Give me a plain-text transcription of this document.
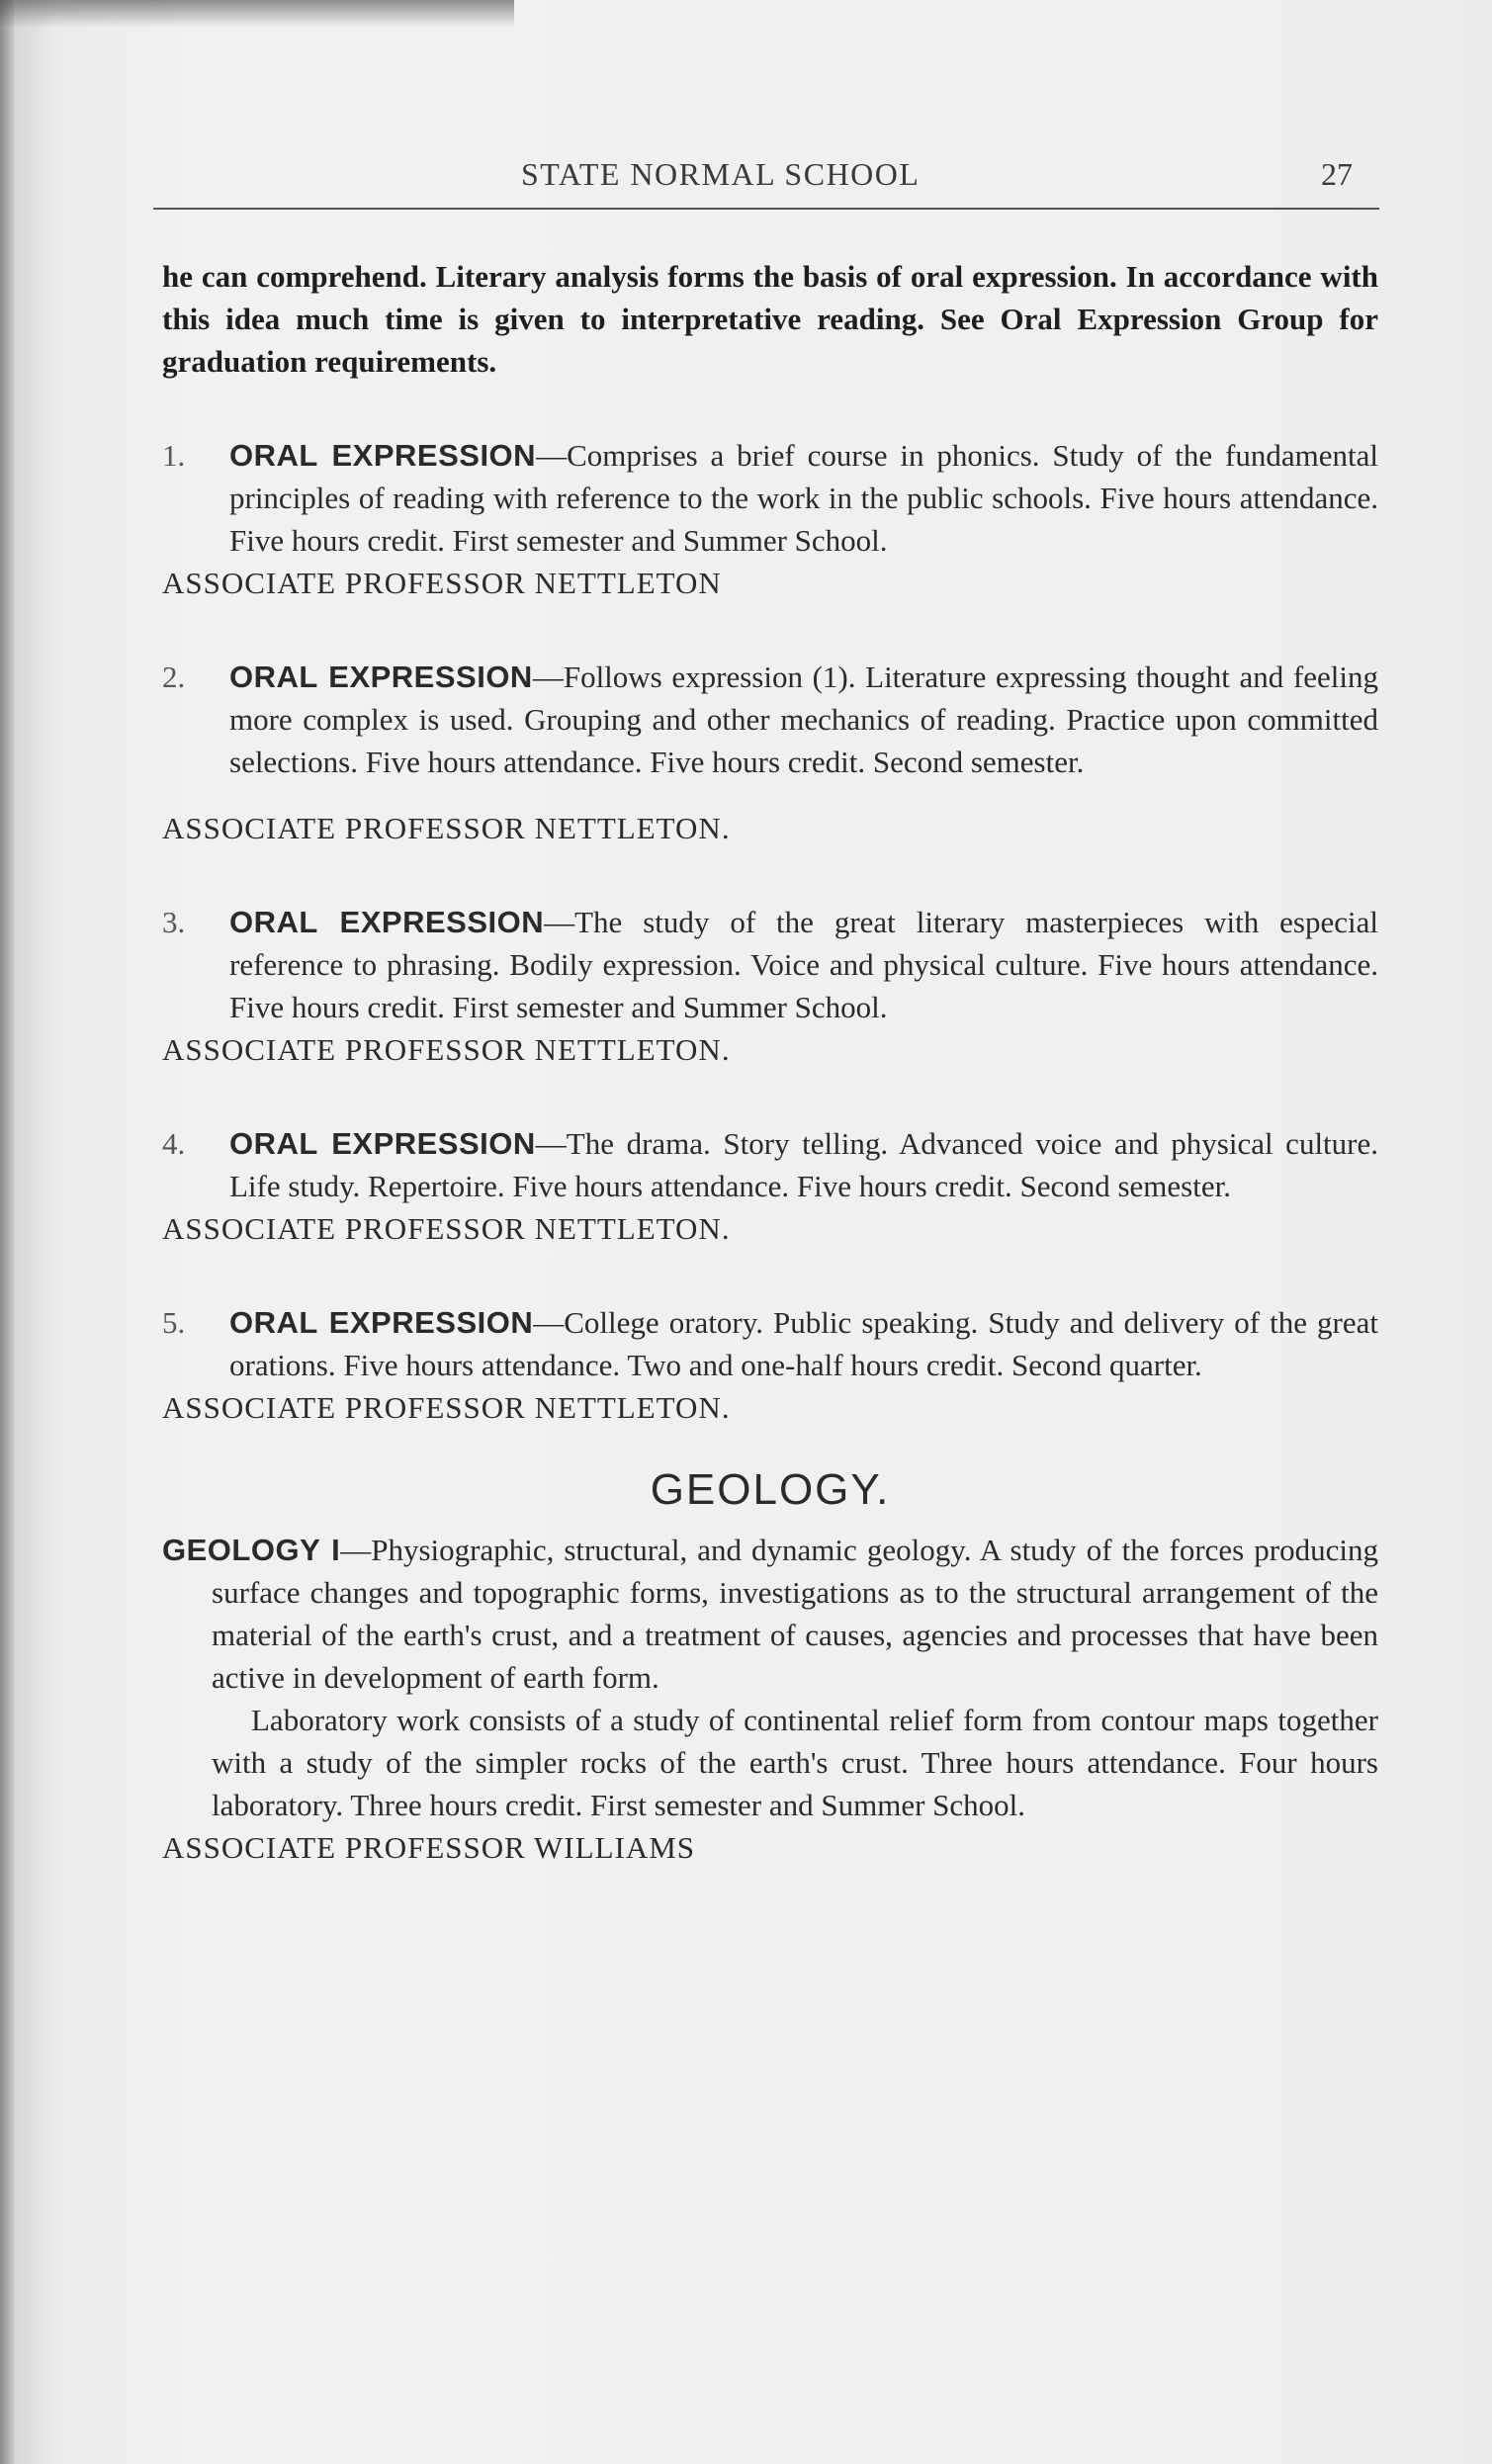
STATE NORMAL SCHOOL	27

he can comprehend. Literary analysis forms the basis of oral expression. In accordance with this idea much time is given to interpretative reading. See Oral Expression Group for graduation requirements.

1. ORAL EXPRESSION—Comprises a brief course in phonics. Study of the fundamental principles of reading with reference to the work in the public schools. Five hours attendance. Five hours credit. First semester and Summer School.

ASSOCIATE PROFESSOR NETTLETON

2. ORAL EXPRESSION—Follows expression (1). Literature expressing thought and feeling more complex is used. Grouping and other mechanics of reading. Practice upon committed selections. Five hours attendance. Five hours credit. Second semester.

ASSOCIATE PROFESSOR NETTLETON.

3. ORAL EXPRESSION—The study of the great literary masterpieces with especial reference to phrasing. Bodily expression. Voice and physical culture. Five hours attendance. Five hours credit. First semester and Summer School.

ASSOCIATE PROFESSOR NETTLETON.

4. ORAL EXPRESSION—The drama. Story telling. Advanced voice and physical culture. Life study. Repertoire. Five hours attendance. Five hours credit. Second semester.

ASSOCIATE PROFESSOR NETTLETON.

5. ORAL EXPRESSION—College oratory. Public speaking. Study and delivery of the great orations. Five hours attendance. Two and one-half hours credit. Second quarter.

ASSOCIATE PROFESSOR NETTLETON.

GEOLOGY.

GEOLOGY I—Physiographic, structural, and dynamic geology. A study of the forces producing surface changes and topographic forms, investigations as to the structural arrangement of the material of the earth's crust, and a treatment of causes, agencies and processes that have been active in development of earth form.

Laboratory work consists of a study of continental relief form from contour maps together with a study of the simpler rocks of the earth's crust. Three hours attendance. Four hours laboratory. Three hours credit. First semester and Summer School.

ASSOCIATE PROFESSOR WILLIAMS
